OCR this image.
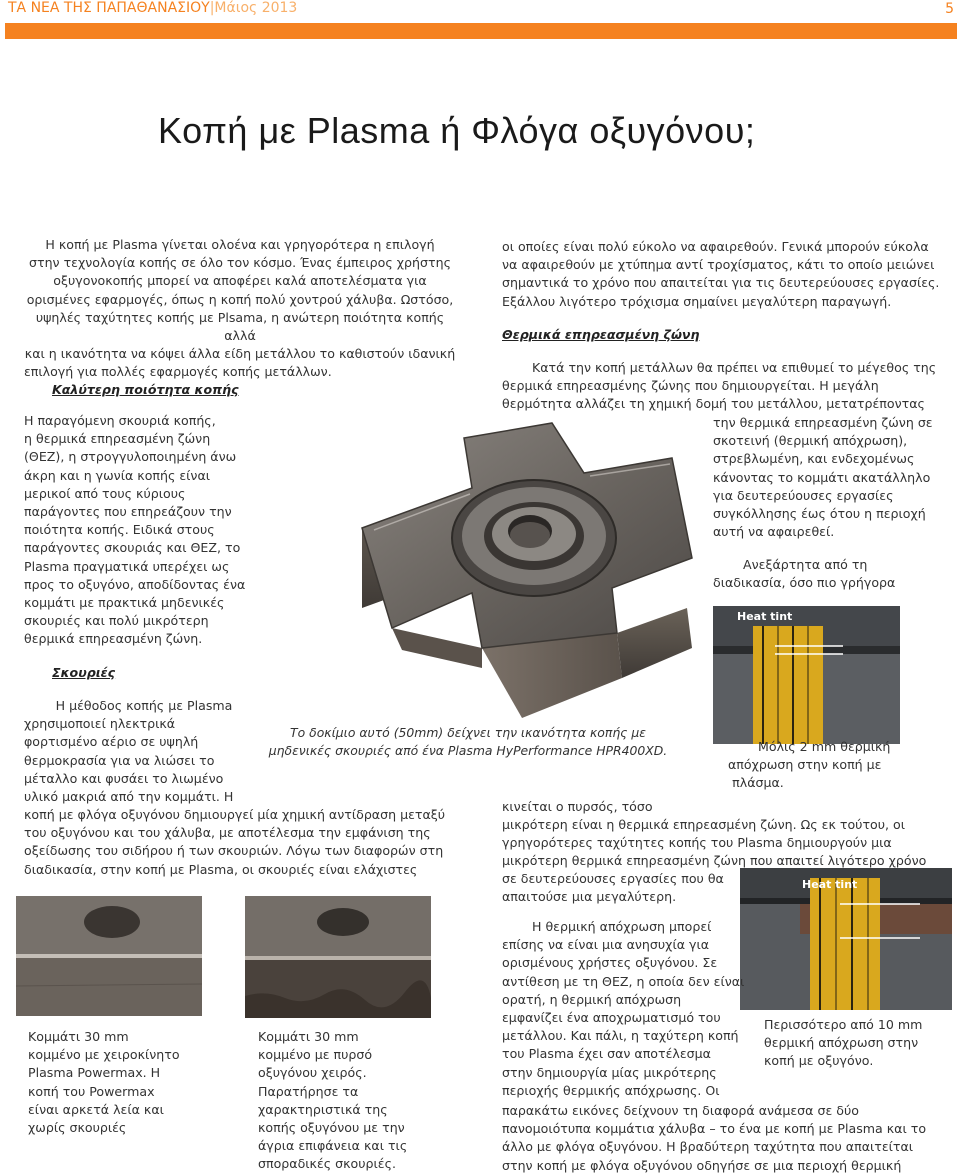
ΤΑ ΝΕΑ ΤΗΣ ΠΑΠΑΘΑΝΑΣΙΟΥ|Μάιος 2013	5
Κοπή με Plasma ή Φλόγα οξυγόνου;
Η κοπή με Plasma γίνεται ολοένα και γρηγορότερα η επιλογή
στην τεχνολογία κοπής σε όλο τον κόσμο. Ένας έμπειρος χρήστης
οξυγονοκοπής μπορεί να αποφέρει καλά αποτελέσματα για
ορισμένες εφαρμογές, όπως η κοπή πολύ χοντρού χάλυβα. Ωστόσο,
υψηλές ταχύτητες κοπής με Plsama, η ανώτερη ποιότητα κοπής αλλά
και η ικανότητα να κόψει άλλα είδη μετάλλου το καθιστούν ιδανική
επιλογή για πολλές εφαρμογές κοπής μετάλλων.
Καλύτερη ποιότητα κοπής
Η παραγόμενη σκουριά κοπής,
η θερμικά επηρεασμένη ζώνη
(ΘΕΖ), η στρογγυλοποιημένη άνω
άκρη και η γωνία κοπής είναι
μερικοί από τους κύριους
παράγοντες που επηρεάζουν την
ποιότητα κοπής. Ειδικά στους
παράγοντες σκουριάς και ΘΕΖ, το
Plasma πραγματικά υπερέχει ως
προς το οξυγόνο, αποδίδοντας ένα
κομμάτι με πρακτικά μηδενικές
σκουριές και πολύ μικρότερη
θερμικά επηρεασμένη ζώνη.
Σκουριές
Η μέθοδος κοπής με Plasma
χρησιμοποιεί ηλεκτρικά
φορτισμένο αέριο σε υψηλή
θερμοκρασία για να λιώσει το
μέταλλο και φυσάει το λιωμένο
υλικό μακριά από την κομμάτι. Η
κοπή με φλόγα οξυγόνου δημιουργεί μία χημική αντίδραση μεταξύ
του οξυγόνου και του χάλυβα, με αποτέλεσμα την εμφάνιση της
οξείδωσης του σιδήρου ή των σκουριών. Λόγω των διαφορών στη
διαδικασία, στην κοπή με Plasma, οι σκουριές είναι ελάχιστες
οι οποίες είναι πολύ εύκολο να αφαιρεθούν. Γενικά μπορούν εύκολα
να αφαιρεθούν με χτύπημα αντί τροχίσματος, κάτι το οποίο μειώνει
σημαντικά το χρόνο που απαιτείται για τις δευτερεύουσες εργασίες.
Εξάλλου λιγότερο τρόχισμα σημαίνει μεγαλύτερη παραγωγή.
Θερμικά επηρεασμένη ζώνη
Κατά την κοπή μετάλλων θα πρέπει να επιθυμεί το μέγεθος της
θερμικά επηρεασμένης ζώνης που δημιουργείται. Η μεγάλη
θερμότητα αλλάζει τη χημική δομή του μετάλλου, μετατρέποντας
την θερμικά επηρεασμένη ζώνη σε
σκοτεινή (θερμική απόχρωση),
στρεβλωμένη, και ενδεχομένως
κάνοντας το κομμάτι ακατάλληλο
για δευτερεύουσες εργασίες
συγκόλλησης έως ότου η περιοχή
αυτή να αφαιρεθεί.
Ανεξάρτητα από τη
διαδικασία, όσο πιο γρήγορα
Το δοκίμιο αυτό (50mm) δείχνει την ικανότητα κοπής με
μηδενικές σκουριές από ένα Plasma HyPerformance HPR400XD.
Heat tint
Μόλις 2 mm θερμική
απόχρωση στην κοπή με
πλάσμα.
κινείται ο πυρσός, τόσο
μικρότερη είναι η θερμικά επηρεασμένη ζώνη. Ως εκ τούτου, οι
γρηγορότερες ταχύτητες κοπής του Plasma δημιουργούν μια
μικρότερη θερμικά επηρεασμένη ζώνη που απαιτεί λιγότερο χρόνο
σε δευτερεύουσες εργασίες που θα
απαιτούσε μια μεγαλύτερη.
Heat tint
Η θερμική απόχρωση μπορεί
επίσης να είναι μια ανησυχία για
ορισμένους χρήστες οξυγόνου. Σε
αντίθεση με τη ΘΕΖ, η οποία δεν είναι
ορατή, η θερμική απόχρωση
εμφανίζει ένα αποχρωματισμό του
μετάλλου. Και πάλι, η ταχύτερη κοπή
του Plasma έχει σαν αποτέλεσμα
στην δημιουργία μίας μικρότερης
περιοχής θερμικής απόχρωσης. Οι
Περισσότερο από 10 mm
θερμική απόχρωση στην
κοπή με οξυγόνο.
παρακάτω εικόνες δείχνουν τη διαφορά ανάμεσα σε δύο
πανομοιότυπα κομμάτια χάλυβα – το ένα με κοπή με Plasma και το
άλλο με φλόγα οξυγόνου. Η βραδύτερη ταχύτητα που απαιτείται
στην κοπή με φλόγα οξυγόνου οδηγήσε σε μια περιοχή θερμική
Κομμάτι 30 mm
κομμένο με χειροκίνητο
Plasma Powermax. Η
κοπή του Powermax
είναι αρκετά λεία και
χωρίς σκουριές
Κομμάτι 30 mm
κομμένο με πυρσό
οξυγόνου χειρός.
Παρατήρησε τα
χαρακτηριστικά της
κοπής οξυγόνου με την
άγρια επιφάνεια και τις
σποραδικές σκουριές.
